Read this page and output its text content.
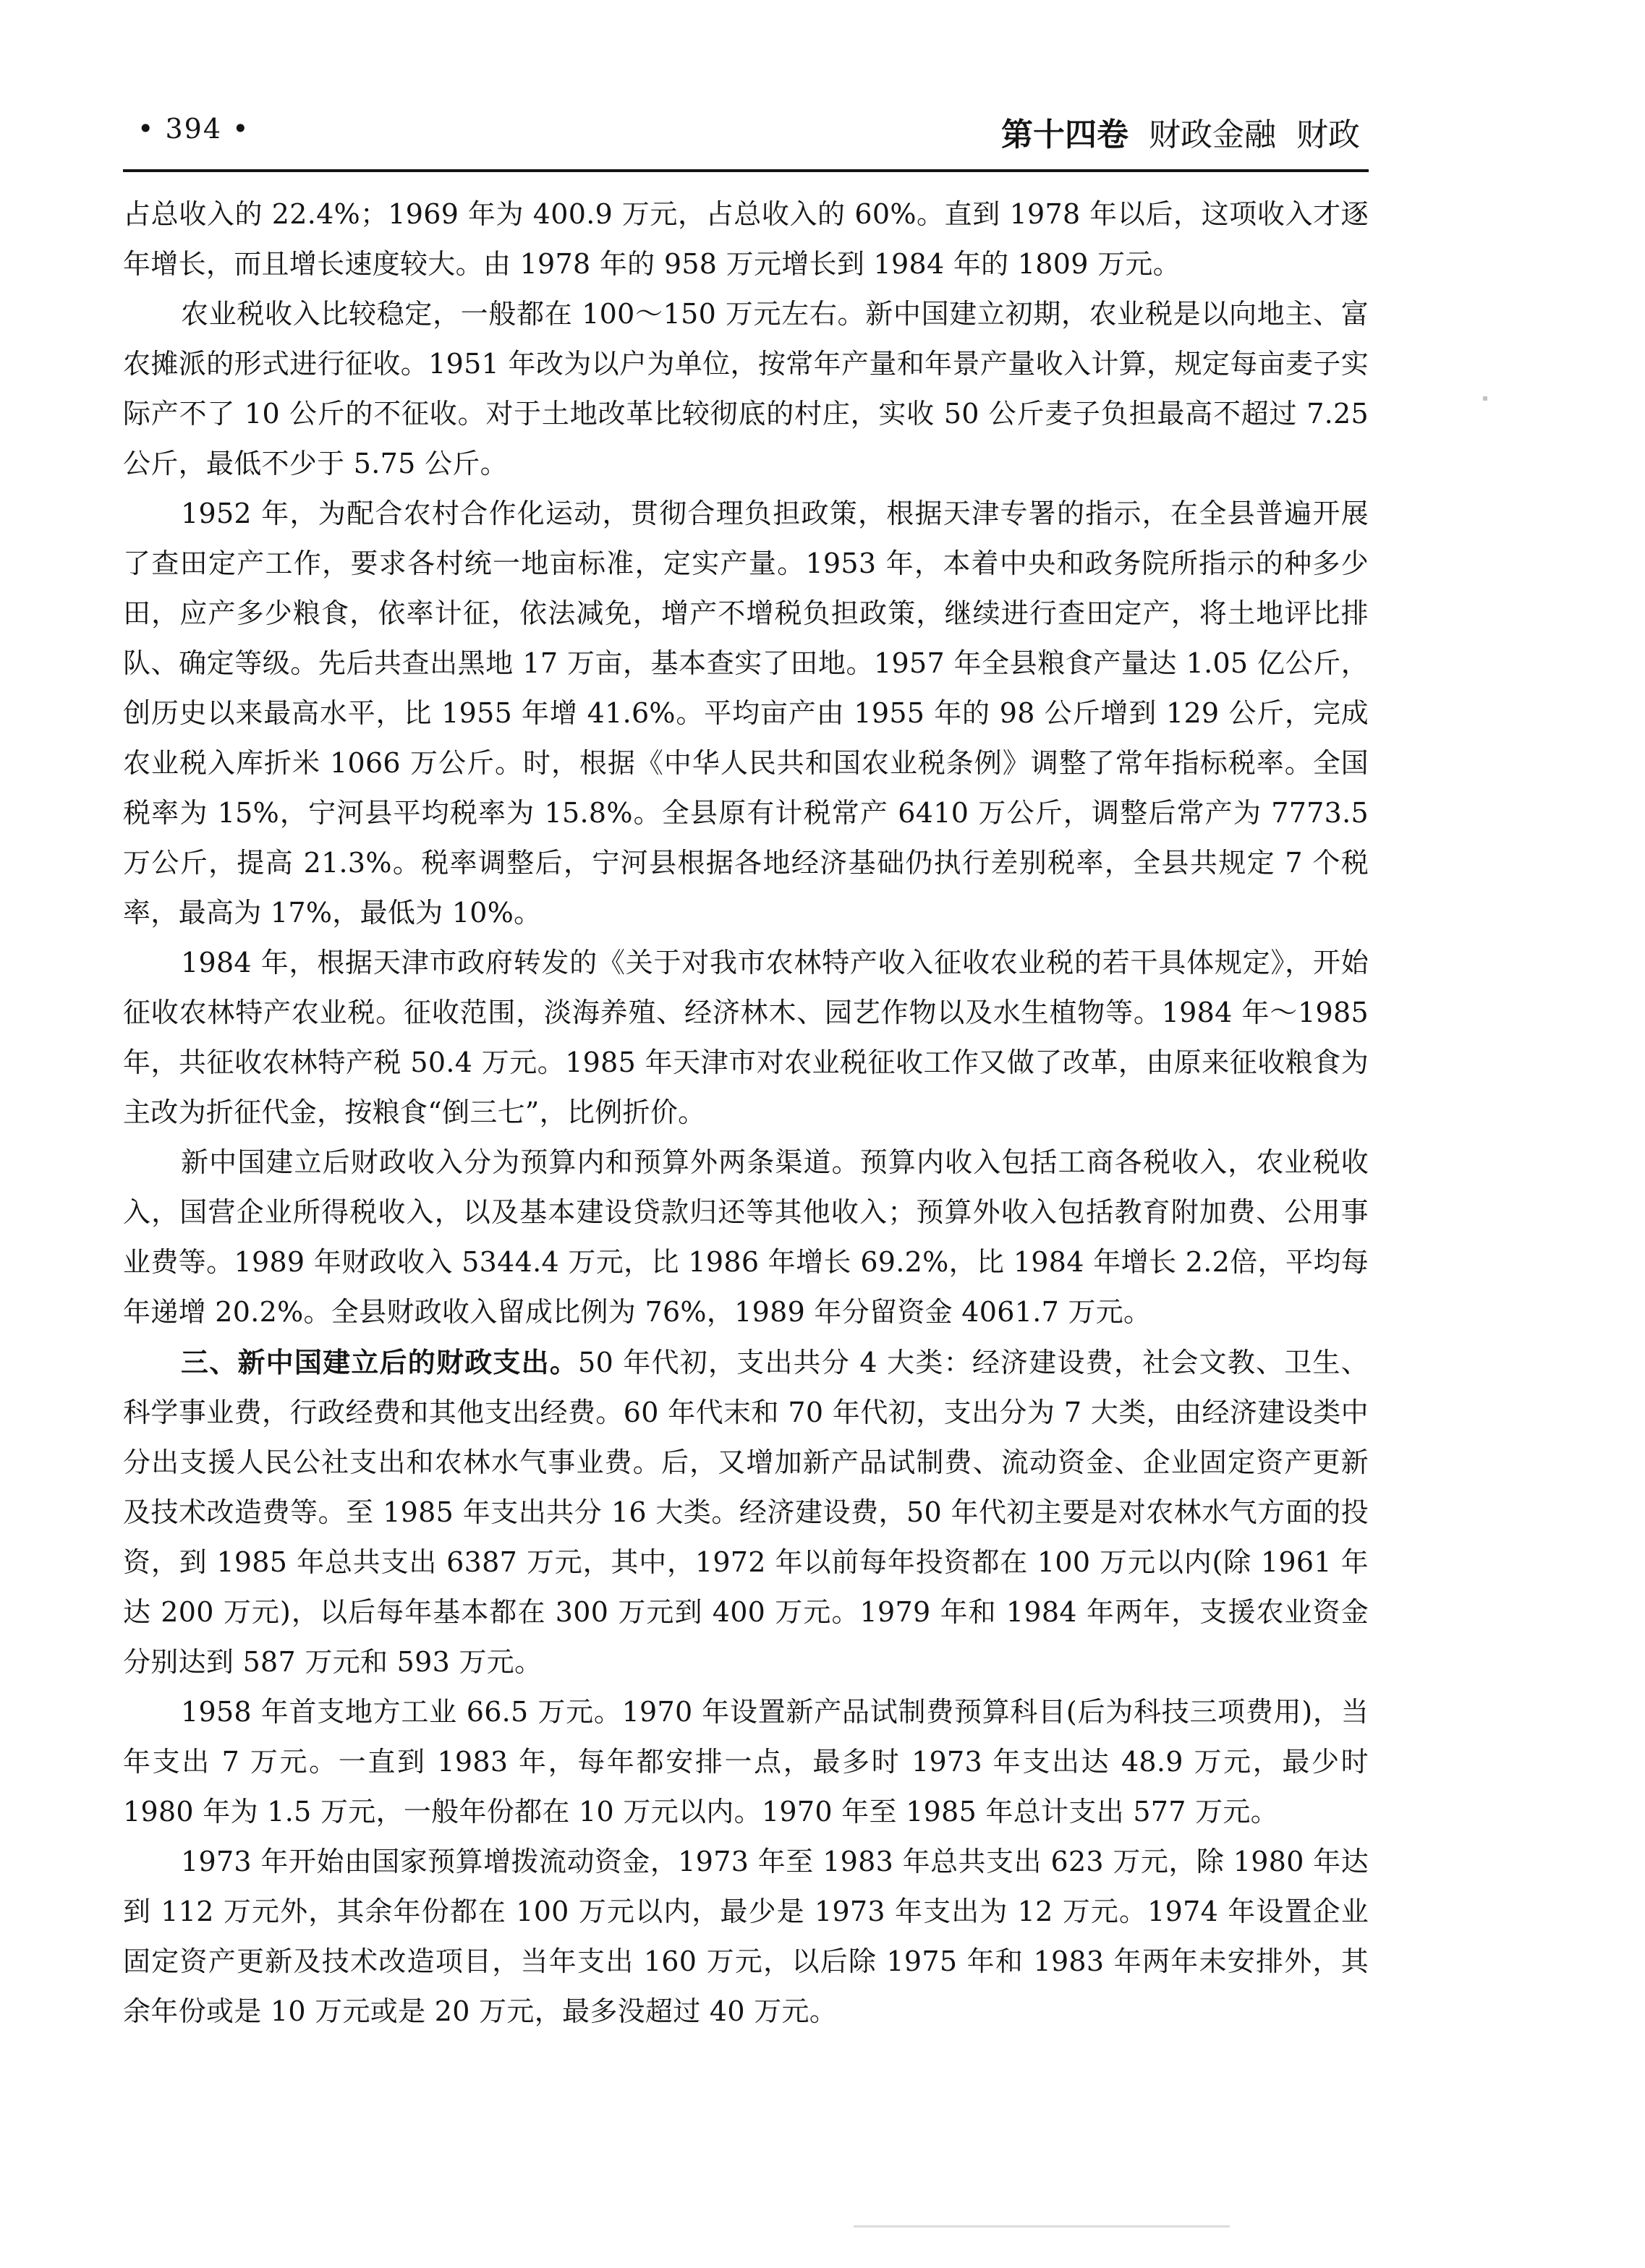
• 394 •	第十四卷 财政金融 财政

占总收入的 22.4%；1969 年为 400.9 万元，占总收入的 60%。直到 1978 年以后，这项收入才逐年增长，而且增长速度较大。由 1978 年的 958 万元增长到 1984 年的 1809 万元。

农业税收入比较稳定，一般都在 100～150 万元左右。新中国建立初期，农业税是以向地主、富农摊派的形式进行征收。1951 年改为以户为单位，按常年产量和年景产量收入计算，规定每亩麦子实际产不了 10 公斤的不征收。对于土地改革比较彻底的村庄，实收 50 公斤麦子负担最高不超过 7.25 公斤，最低不少于 5.75 公斤。

1952 年，为配合农村合作化运动，贯彻合理负担政策，根据天津专署的指示，在全县普遍开展了查田定产工作，要求各村统一地亩标准，定实产量。1953 年，本着中央和政务院所指示的种多少田，应产多少粮食，依率计征，依法减免，增产不增税负担政策，继续进行查田定产，将土地评比排队、确定等级。先后共查出黑地 17 万亩，基本查实了田地。1957 年全县粮食产量达 1.05 亿公斤，创历史以来最高水平，比 1955 年增 41.6%。平均亩产由 1955 年的 98 公斤增到 129 公斤，完成农业税入库折米 1066 万公斤。时，根据《中华人民共和国农业税条例》调整了常年指标税率。全国税率为 15%，宁河县平均税率为 15.8%。全县原有计税常产 6410 万公斤，调整后常产为 7773.5 万公斤，提高 21.3%。税率调整后，宁河县根据各地经济基础仍执行差别税率，全县共规定 7 个税率，最高为 17%，最低为 10%。

1984 年，根据天津市政府转发的《关于对我市农林特产收入征收农业税的若干具体规定》，开始征收农林特产农业税。征收范围，淡海养殖、经济林木、园艺作物以及水生植物等。1984 年～1985 年，共征收农林特产税 50.4 万元。1985 年天津市对农业税征收工作又做了改革，由原来征收粮食为主改为折征代金，按粮食“倒三七”，比例折价。

新中国建立后财政收入分为预算内和预算外两条渠道。预算内收入包括工商各税收入，农业税收入，国营企业所得税收入，以及基本建设贷款归还等其他收入；预算外收入包括教育附加费、公用事业费等。1989 年财政收入 5344.4 万元，比 1986 年增长 69.2%，比 1984 年增长 2.2倍，平均每年递增 20.2%。全县财政收入留成比例为 76%，1989 年分留资金 4061.7 万元。

三、新中国建立后的财政支出。50 年代初，支出共分 4 大类：经济建设费，社会文教、卫生、科学事业费，行政经费和其他支出经费。60 年代末和 70 年代初，支出分为 7 大类，由经济建设类中分出支援人民公社支出和农林水气事业费。后，又增加新产品试制费、流动资金、企业固定资产更新及技术改造费等。至 1985 年支出共分 16 大类。经济建设费，50 年代初主要是对农林水气方面的投资，到 1985 年总共支出 6387 万元，其中，1972 年以前每年投资都在 100 万元以内(除 1961 年达 200 万元)，以后每年基本都在 300 万元到 400 万元。1979 年和 1984 年两年，支援农业资金分别达到 587 万元和 593 万元。

1958 年首支地方工业 66.5 万元。1970 年设置新产品试制费预算科目(后为科技三项费用)，当年支出 7 万元。一直到 1983 年，每年都安排一点，最多时 1973 年支出达 48.9 万元，最少时 1980 年为 1.5 万元，一般年份都在 10 万元以内。1970 年至 1985 年总计支出 577 万元。

1973 年开始由国家预算增拨流动资金，1973 年至 1983 年总共支出 623 万元，除 1980 年达到 112 万元外，其余年份都在 100 万元以内，最少是 1973 年支出为 12 万元。1974 年设置企业固定资产更新及技术改造项目，当年支出 160 万元，以后除 1975 年和 1983 年两年未安排外，其余年份或是 10 万元或是 20 万元，最多没超过 40 万元。
